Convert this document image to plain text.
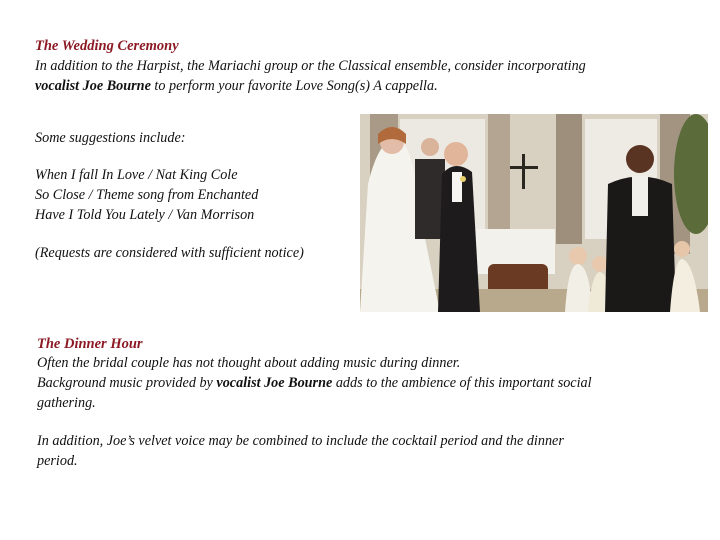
The Wedding Ceremony

In addition to the Harpist, the Mariachi group or the Classical ensemble, consider incorporating
vocalist Joe Bourne to perform your favorite Love Song(s) A cappella.

Some suggestions include:

When I fall In Love / Nat King Cole
So Close / Theme song from Enchanted
Have I Told You Lately / Van Morrison

(Requests are considered with sufficient notice)

The Dinner Hour

Often the bridal couple has not thought about adding music during dinner.
Background music provided by vocalist Joe Bourne adds to the ambience of this important social
gathering.

In addition, Joe’s velvet voice may be combined to include the cocktail period and the dinner
period.
